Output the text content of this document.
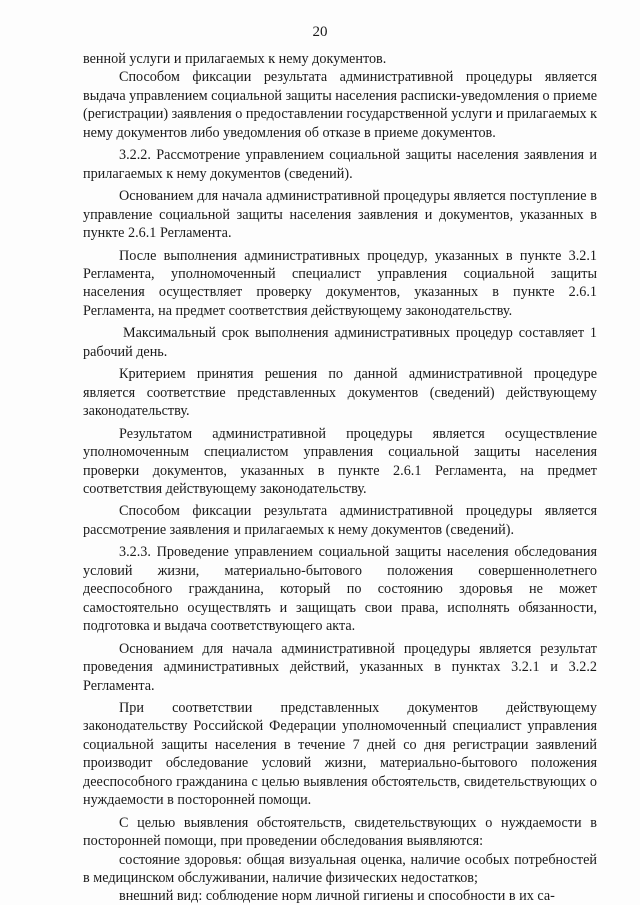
20

венной услуги и прилагаемых к нему документов.

Способом фиксации результата административной процедуры является выдача управлением социальной защиты населения расписки-уведомления о приеме (регистрации) заявления о предоставлении государственной услуги и прилагаемых к нему документов либо уведомления об отказе в приеме документов.

3.2.2. Рассмотрение управлением социальной защиты населения заявления и прилагаемых к нему документов (сведений).

Основанием для начала административной процедуры является поступление в управление социальной защиты населения заявления и документов, указанных в пункте 2.6.1 Регламента.

После выполнения административных процедур, указанных в пункте 3.2.1 Регламента, уполномоченный специалист управления социальной защиты населения осуществляет проверку документов, указанных в пункте 2.6.1 Регламента, на предмет соответствия действующему законодательству.

Максимальный срок выполнения административных процедур составляет 1 рабочий день.

Критерием принятия решения по данной административной процедуре является соответствие представленных документов (сведений) действующему законодательству.

Результатом административной процедуры является осуществление уполномоченным специалистом управления социальной защиты населения проверки документов, указанных в пункте 2.6.1 Регламента, на предмет соответствия действующему законодательству.

Способом фиксации результата административной процедуры является рассмотрение заявления и прилагаемых к нему документов (сведений).

3.2.3. Проведение управлением социальной защиты населения обследования условий жизни, материально-бытового положения совершеннолетнего дееспособного гражданина, который по состоянию здоровья не может самостоятельно осуществлять и защищать свои права, исполнять обязанности, подготовка и выдача соответствующего акта.

Основанием для начала административной процедуры является результат проведения административных действий, указанных в пунктах 3.2.1 и 3.2.2 Регламента.

При соответствии представленных документов действующему законодательству Российской Федерации уполномоченный специалист управления социальной защиты населения в течение 7 дней со дня регистрации заявлений производит обследование условий жизни, материально-бытового положения дееспособного гражданина с целью выявления обстоятельств, свидетельствующих о нуждаемости в посторонней помощи.

С целью выявления обстоятельств, свидетельствующих о нуждаемости в посторонней помощи, при проведении обследования выявляются:

состояние здоровья: общая визуальная оценка, наличие особых потребностей в медицинском обслуживании, наличие физических недостатков;

внешний вид: соблюдение норм личной гигиены и способности в их са-
